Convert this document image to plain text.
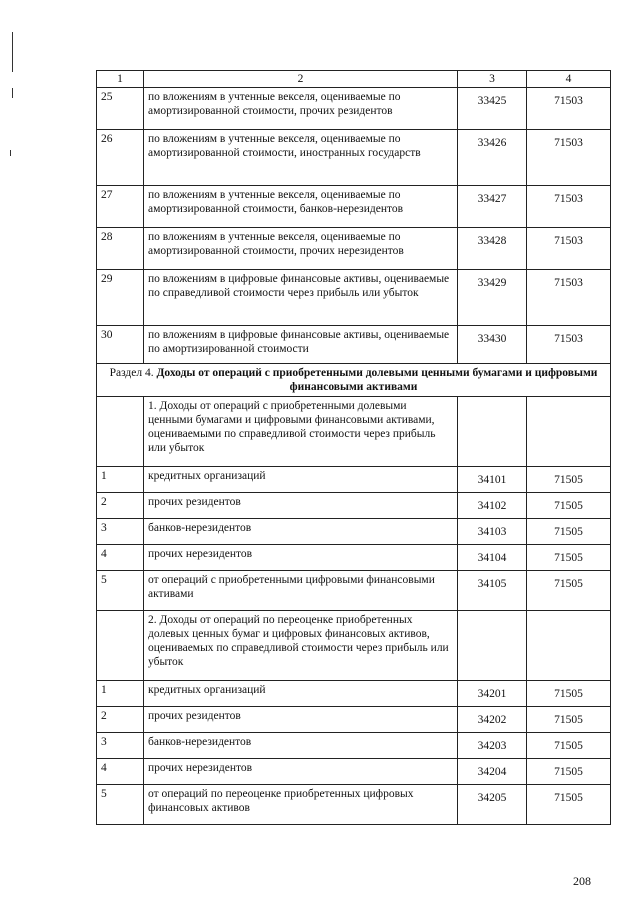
1	2	3	4
25	по вложениям в учтенные векселя, оцениваемые по амортизированной стоимости, прочих резидентов	33425	71503
26	по вложениям в учтенные векселя, оцениваемые по амортизированной стоимости, иностранных государств	33426	71503
27	по вложениям в учтенные векселя, оцениваемые по амортизированной стоимости, банков-нерезидентов	33427	71503
28	по вложениям в учтенные векселя, оцениваемые по амортизированной стоимости, прочих нерезидентов	33428	71503
29	по вложениям в цифровые финансовые активы, оцениваемые по справедливой стоимости через прибыль или убыток	33429	71503
30	по вложениям в цифровые финансовые активы, оцениваемые по амортизированной стоимости	33430	71503
Раздел 4. Доходы от операций с приобретенными долевыми ценными бумагами и цифровыми финансовыми активами			
	1. Доходы от операций с приобретенными долевыми ценными бумагами и цифровыми финансовыми активами, оцениваемыми по справедливой стоимости через прибыль или убыток		
1	кредитных организаций	34101	71505
2	прочих резидентов	34102	71505
3	банков-нерезидентов	34103	71505
4	прочих нерезидентов	34104	71505
5	от операций с приобретенными цифровыми финансовыми активами	34105	71505
	2. Доходы от операций по переоценке приобретенных долевых ценных бумаг и цифровых финансовых активов, оцениваемых по справедливой стоимости через прибыль или убыток		
1	кредитных организаций	34201	71505
2	прочих резидентов	34202	71505
3	банков-нерезидентов	34203	71505
4	прочих нерезидентов	34204	71505
5	от операций по переоценке приобретенных цифровых финансовых активов	34205	71505
208
